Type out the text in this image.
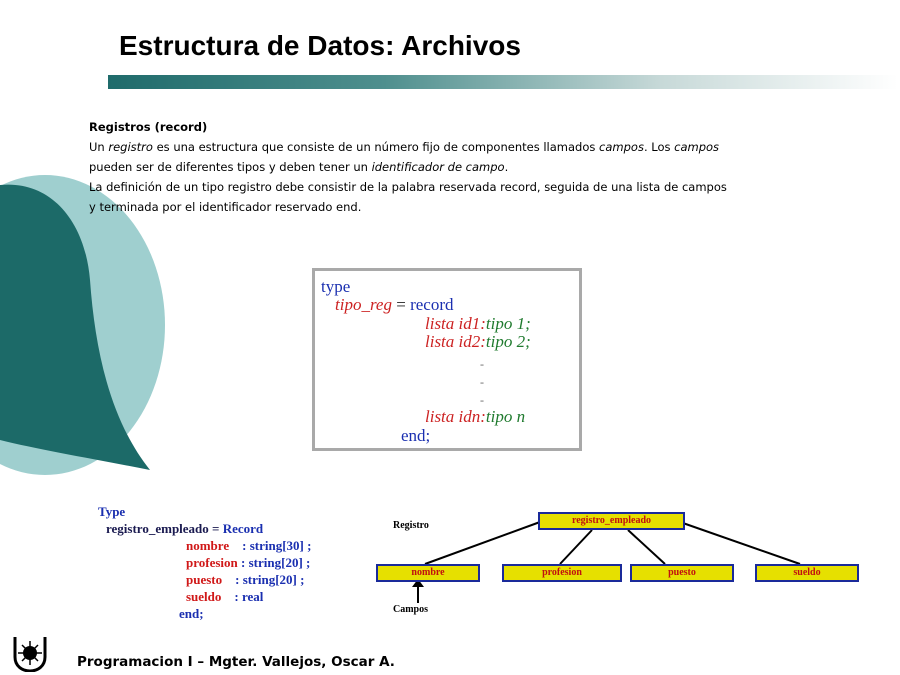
Estructura de Datos: Archivos

Registros (record)

Un registro es una estructura que consiste de un número fijo de componentes llamados campos. Los campos

pueden ser de diferentes tipos y deben tener un identificador de campo.

La definición de un tipo registro debe consistir de la palabra reservada record, seguida de una lista de campos

y terminada por el identificador reservado end.

type
tipo_reg = record
lista id1:tipo 1;
lista id2:tipo 2;
-
-
-
lista idn:tipo n
end;
Type
registro_empleado = Record
nombre    : string[30] ;
profesion : string[20] ;
puesto    : string[20] ;
sueldo    : real
end;
registro_empleado
Registro
nombre	profesion	puesto	sueldo
Campos
Programacion I – Mgter. Vallejos, Oscar A.
